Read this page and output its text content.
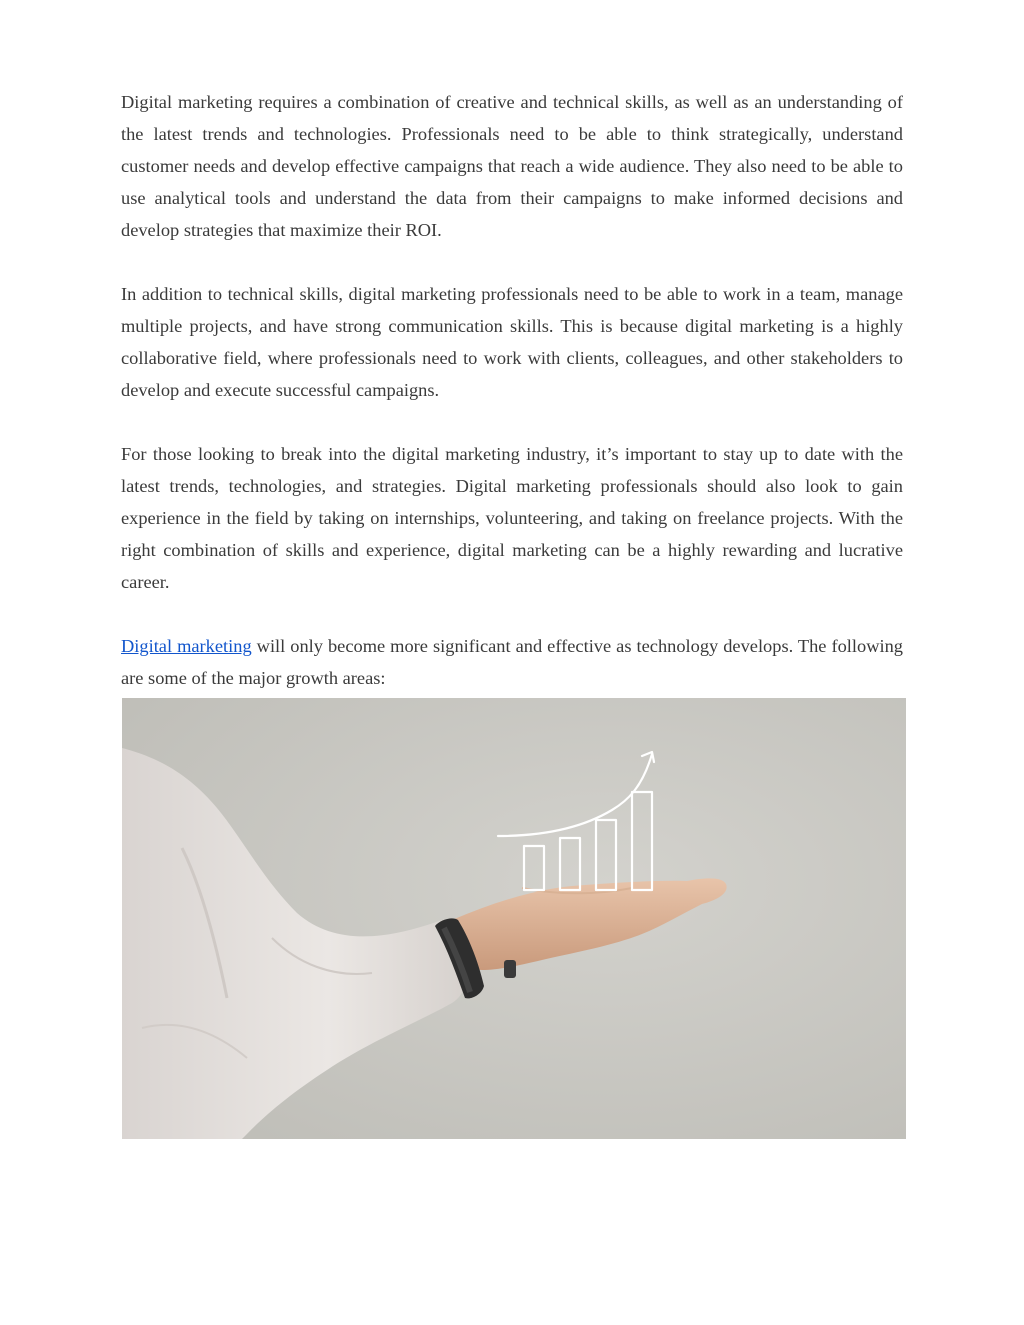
Digital marketing requires a combination of creative and technical skills, as well as an understanding of the latest trends and technologies. Professionals need to be able to think strategically, understand customer needs and develop effective campaigns that reach a wide audience. They also need to be able to use analytical tools and understand the data from their campaigns to make informed decisions and develop strategies that maximize their ROI.

In addition to technical skills, digital marketing professionals need to be able to work in a team, manage multiple projects, and have strong communication skills. This is because digital marketing is a highly collaborative field, where professionals need to work with clients, colleagues, and other stakeholders to develop and execute successful campaigns.

For those looking to break into the digital marketing industry, it’s important to stay up to date with the latest trends, technologies, and strategies. Digital marketing professionals should also look to gain experience in the field by taking on internships, volunteering, and taking on freelance projects. With the right combination of skills and experience, digital marketing can be a highly rewarding and lucrative career.

Digital marketing will only become more significant and effective as technology develops. The following are some of the major growth areas:
